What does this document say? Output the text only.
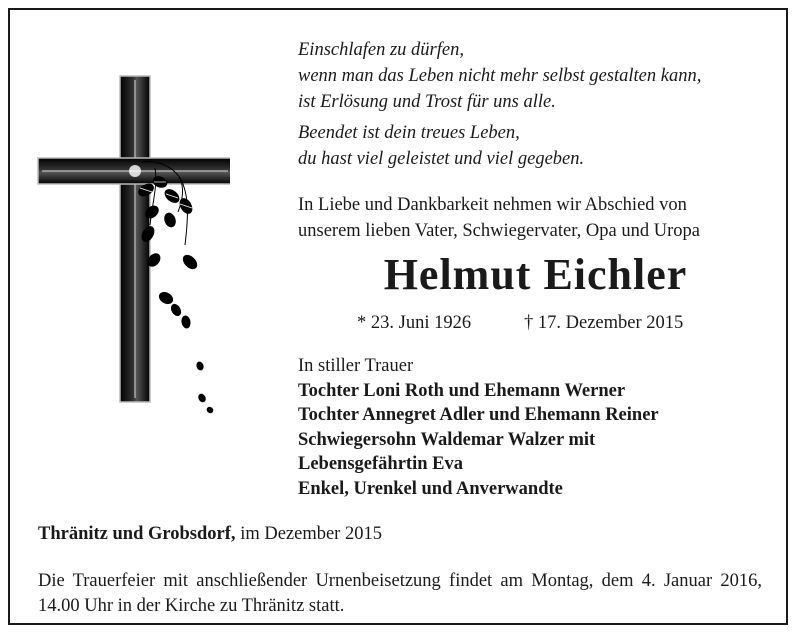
Einschlafen zu dürfen,
wenn man das Leben nicht mehr selbst gestalten kann,
ist Erlösung und Trost für uns alle.
Beendet ist dein treues Leben,
du hast viel geleistet und viel gegeben.
In Liebe und Dankbarkeit nehmen wir Abschied von
unserem lieben Vater, Schwiegervater, Opa und Uropa
Helmut Eichler
* 23. Juni 1926	† 17. Dezember 2015
In stiller Trauer
Tochter Loni Roth und Ehemann Werner
Tochter Annegret Adler und Ehemann Reiner
Schwiegersohn Waldemar Walzer mit
Lebensgefährtin Eva
Enkel, Urenkel und Anverwandte
Thränitz und Grobsdorf, im Dezember 2015
Die Trauerfeier mit anschließender Urnenbeisetzung findet am Montag, dem 4. Januar 2016, 14.00 Uhr in der Kirche zu Thränitz statt.
